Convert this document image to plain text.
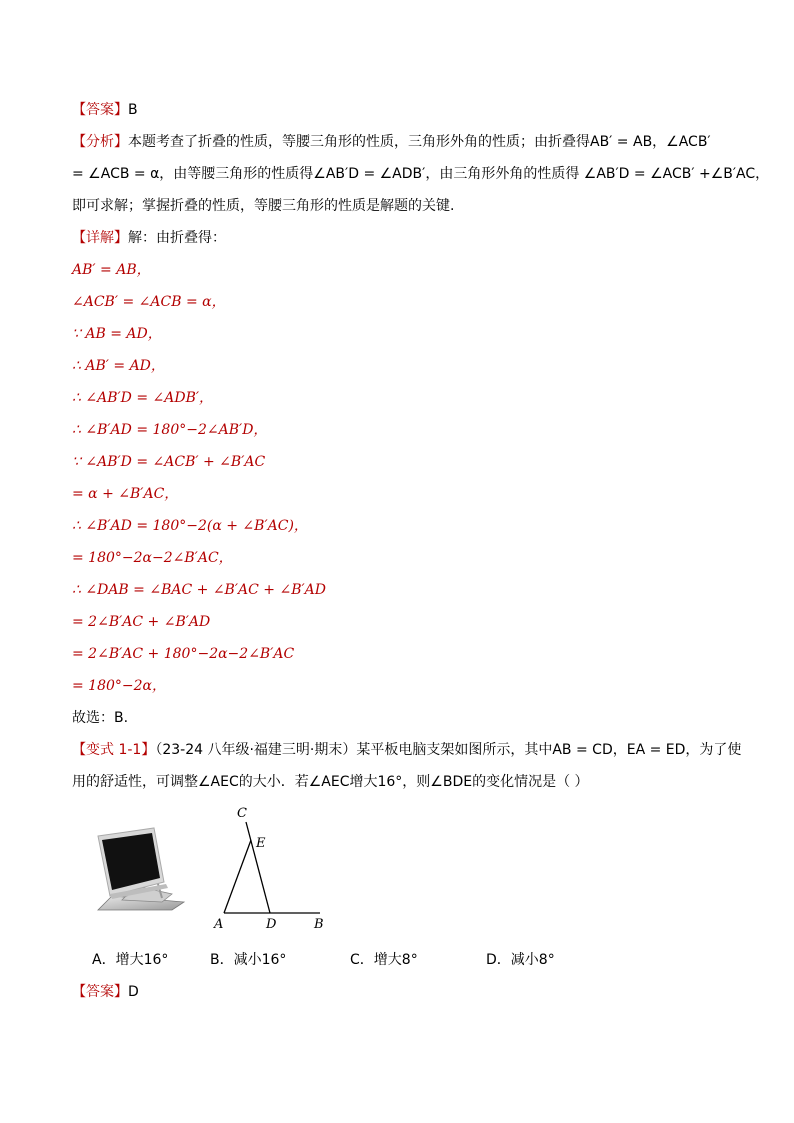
【答案】B
【分析】本题考查了折叠的性质，等腰三角形的性质，三角形外角的性质；由折叠得AB′ = AB，∠ACB′
= ∠ACB = α，由等腰三角形的性质得∠AB′D = ∠ADB′，由三角形外角的性质得 ∠AB′D = ∠ACB′ +∠B′AC，
即可求解；掌握折叠的性质，等腰三角形的性质是解题的关键.
【详解】解：由折叠得：
AB′ = AB，
∠ACB′ = ∠ACB = α，
∵ AB = AD，
∴ AB′ = AD，
∴ ∠AB′D = ∠ADB′，
∴ ∠B′AD = 180°−2∠AB′D，
∵ ∠AB′D = ∠ACB′ + ∠B′AC
= α + ∠B′AC，
∴ ∠B′AD = 180°−2(α + ∠B′AC)，
= 180°−2α−2∠B′AC，
∴ ∠DAB = ∠BAC + ∠B′AC + ∠B′AD
= 2∠B′AC + ∠B′AD
= 2∠B′AC + 180°−2α−2∠B′AC
= 180°−2α，
故选：B.
【变式 1-1】（23-24 八年级·福建三明·期末）某平板电脑支架如图所示，其中AB = CD，EA = ED，为了使
用的舒适性，可调整∠AEC的大小．若∠AEC增大16°，则∠BDE的变化情况是（ ）
C
E
A	D	B
A．增大16°	B．减小16°	C．增大8°	D．减小8°
【答案】D
